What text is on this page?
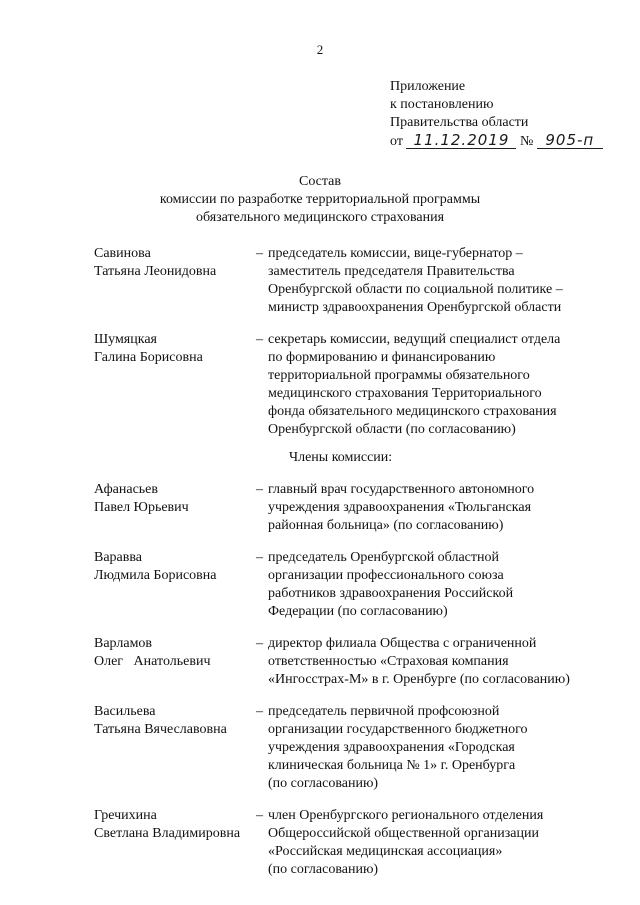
2
Приложение
к постановлению
Правительства области
от 11.12.2019 № 905-п
Состав
комиссии по разработке территориальной программы
обязательного медицинского страхования
Савинова
Татьяна Леонидовна
– председатель комиссии, вице-губернатор –
заместитель председателя Правительства
Оренбургской области по социальной политике –
министр здравоохранения Оренбургской области
Шумяцкая
Галина Борисовна
– секретарь комиссии, ведущий специалист отдела
по формированию и финансированию
территориальной программы обязательного
медицинского страхования Территориального
фонда обязательного медицинского страхования
Оренбургской области (по согласованию)
Члены комиссии:
Афанасьев
Павел Юрьевич
– главный врач государственного автономного
учреждения здравоохранения «Тюльганская
районная больница» (по согласованию)
Варавва
Людмила Борисовна
– председатель Оренбургской областной
организации профессионального союза
работников здравоохранения Российской
Федерации (по согласованию)
Варламов
Олег   Анатольевич
– директор филиала Общества с ограниченной
ответственностью «Страховая компания
«Ингосстрах-М» в г. Оренбурге (по согласованию)
Васильева
Татьяна Вячеславовна
– председатель первичной профсоюзной
организации государственного бюджетного
учреждения здравоохранения «Городская
клиническая больница № 1» г. Оренбурга
(по согласованию)
Гречихина
Светлана Владимировна
– член Оренбургского регионального отделения
Общероссийской общественной организации
«Российская медицинская ассоциация»
(по согласованию)
